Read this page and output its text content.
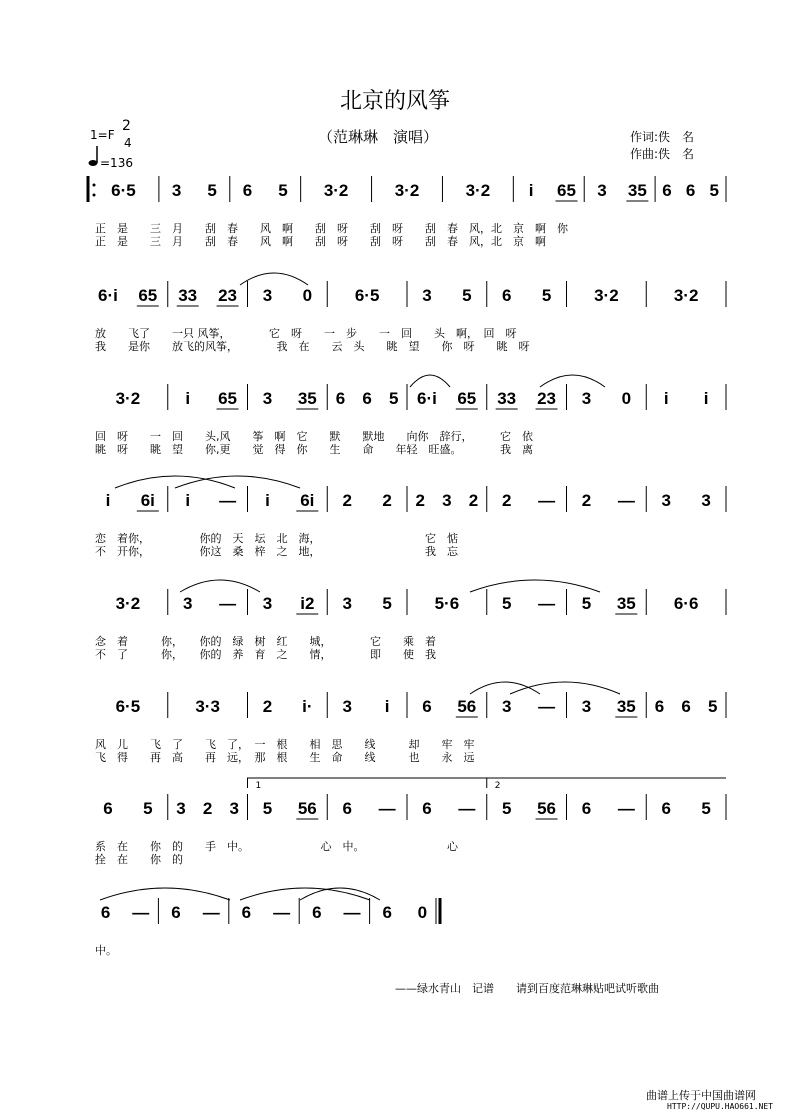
北京的风筝
（范琳琳　演唱）	作词:佚　名
作曲:佚　名
1=F
2
4
=136
6·5 3 5 6 5 3·2	3·2	3·2 i 65 3 35 6 6 5
正　是　　三　月　　刮　春　　风　啊　　刮　呀　　刮　呀　　刮　春　风，北　京　啊　你
正　是　　三　月　　刮　春　　风　啊　　刮　呀　　刮　呀　　刮　春　风，北　京　啊
6·i 65 33 23 3 0	6·5	3 5 6 5	3·2	3·2
放　　飞了　　一只 风筝，　　　　它　呀　　一　步　　一　回　　头　啊，　回　呀
我　　是你　　放飞的风筝，　　　　我　在　　云　头　　眺　望　　你　呀　　眺　呀
3·2	i 65 3 35 6 6 5 6·i 65 33 23 3 0 i i
回　呀　　一　回　　头,风　　筝　啊　它　　默　　默地　　向你　辞行，　　　它　依
眺　呀　　眺　望　　你,更　　觉　得　你　　生　　命　　年轻　旺盛。　　　　我　离
i 6i i — i 6i 2 2 2 3 2 2 — 2 — 3 3
恋　着你，　　　　　你的　天　坛　北　海，　　　　　　　　　　它　惦
不　开你，　　　　　你这　桑　梓　之　地，　　　　　　　　　　我　忘
3·2	3 — 3 i2 3 5	5·6	5 — 5 35 6·6
念　着　　　你，　　你的　绿　树　红　　城，　　　　它　　乘　着
不　了　　　你，　　你的　养　育　之　　情，　　　　即　　使　我
6·5	3·3	2 i· 3 i 6 56 3 — 3 35 6 6 5
风　儿　　飞　了　　飞　了，　一　根　　相　思　　线　　　却　　牢　牢
飞　得　　再　高　　再　远，　那　根　　生　命　　线　　　也　　永　远
6 5 3 2 3 5 56 6 — 6 — 5 56 6 — 6 5
1	2
系　在　　你　的　　手　中。　　　　　　　心　中。　　　　　　　　心
拴　在　　你　的
6 — 6 — 6 — 6 — 6 0
中。
——绿水青山　记谱　　请到百度范琳琳贴吧试听歌曲
曲谱上传于中国曲谱网
HTTP://QUPU.HAO661.NET
